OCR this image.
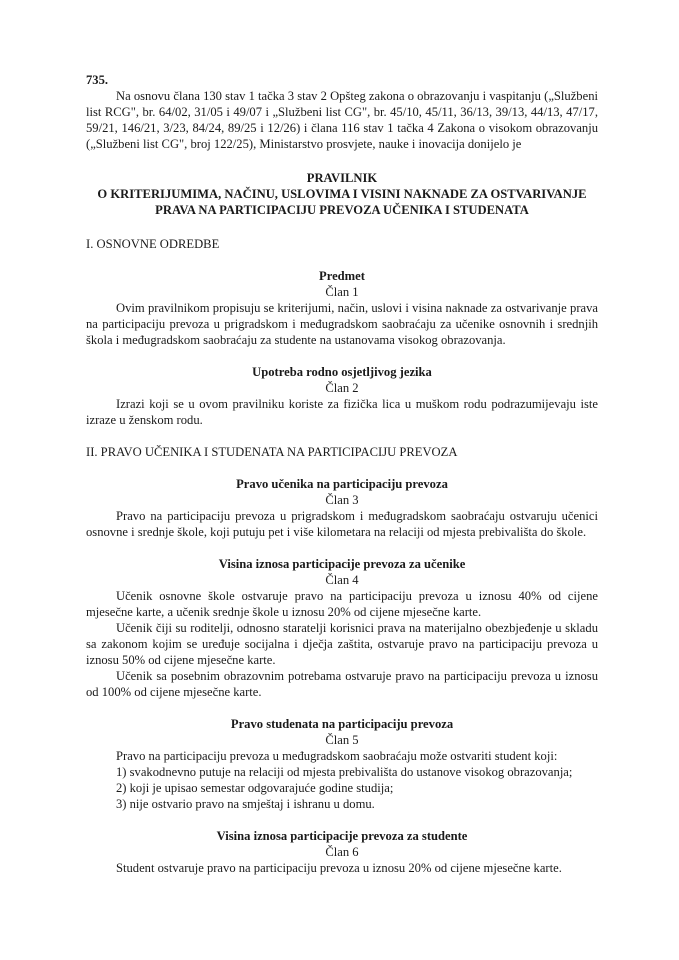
735.

Na osnovu člana 130 stav 1 tačka 3 stav 2 Opšteg zakona o obrazovanju i vaspitanju („Službeni list RCG", br. 64/02, 31/05 i 49/07 i „Službeni list CG", br. 45/10, 45/11, 36/13, 39/13, 44/13, 47/17, 59/21, 146/21, 3/23, 84/24, 89/25 i 12/26) i člana 116 stav 1 tačka 4 Zakona o visokom obrazovanju („Službeni list CG", broj 122/25), Ministarstvo prosvjete, nauke i inovacija donijelo je

PRAVILNIK

O KRITERIJUMIMA, NAČINU, USLOVIMA I VISINI NAKNADE ZA OSTVARIVANJE

PRAVA NA PARTICIPACIJU PREVOZA UČENIKA I STUDENATA

I. OSNOVNE ODREDBE

Predmet

Član 1

Ovim pravilnikom propisuju se kriterijumi, način, uslovi i visina naknade za ostvarivanje prava na participaciju prevoza u prigradskom i međugradskom saobraćaju za učenike osnovnih i srednjih škola i međugradskom saobraćaju za studente na ustanovama visokog obrazovanja.

Upotreba rodno osjetljivog jezika

Član 2

Izrazi koji se u ovom pravilniku koriste za fizička lica u muškom rodu podrazumijevaju iste izraze u ženskom rodu.

II. PRAVO UČENIKA I STUDENATA NA PARTICIPACIJU PREVOZA

Pravo učenika na participaciju prevoza

Član 3

Pravo na participaciju prevoza u prigradskom i međugradskom saobraćaju ostvaruju učenici osnovne i srednje škole, koji putuju pet i više kilometara na relaciji od mjesta prebivališta do škole.

Visina iznosa participacije prevoza za učenike

Član 4

Učenik osnovne škole ostvaruje pravo na participaciju prevoza u iznosu 40% od cijene mjesečne karte, a učenik srednje škole u iznosu 20% od cijene mjesečne karte.

Učenik čiji su roditelji, odnosno staratelji korisnici prava na materijalno obezbjeđenje u skladu sa zakonom kojim se uređuje socijalna i dječja zaštita, ostvaruje pravo na participaciju prevoza u iznosu 50% od cijene mjesečne karte.

Učenik sa posebnim obrazovnim potrebama ostvaruje pravo na participaciju prevoza u iznosu od 100% od cijene mjesečne karte.

Pravo studenata na participaciju prevoza

Član 5

Pravo na participaciju prevoza u međugradskom saobraćaju može ostvariti student koji:

1) svakodnevno putuje na relaciji od mjesta prebivališta do ustanove visokog obrazovanja;

2) koji je upisao semestar odgovarajuće godine studija;

3) nije ostvario pravo na smještaj i ishranu u domu.

Visina iznosa participacije prevoza za studente

Član 6

Student ostvaruje pravo na participaciju prevoza u iznosu 20% od cijene mjesečne karte.
